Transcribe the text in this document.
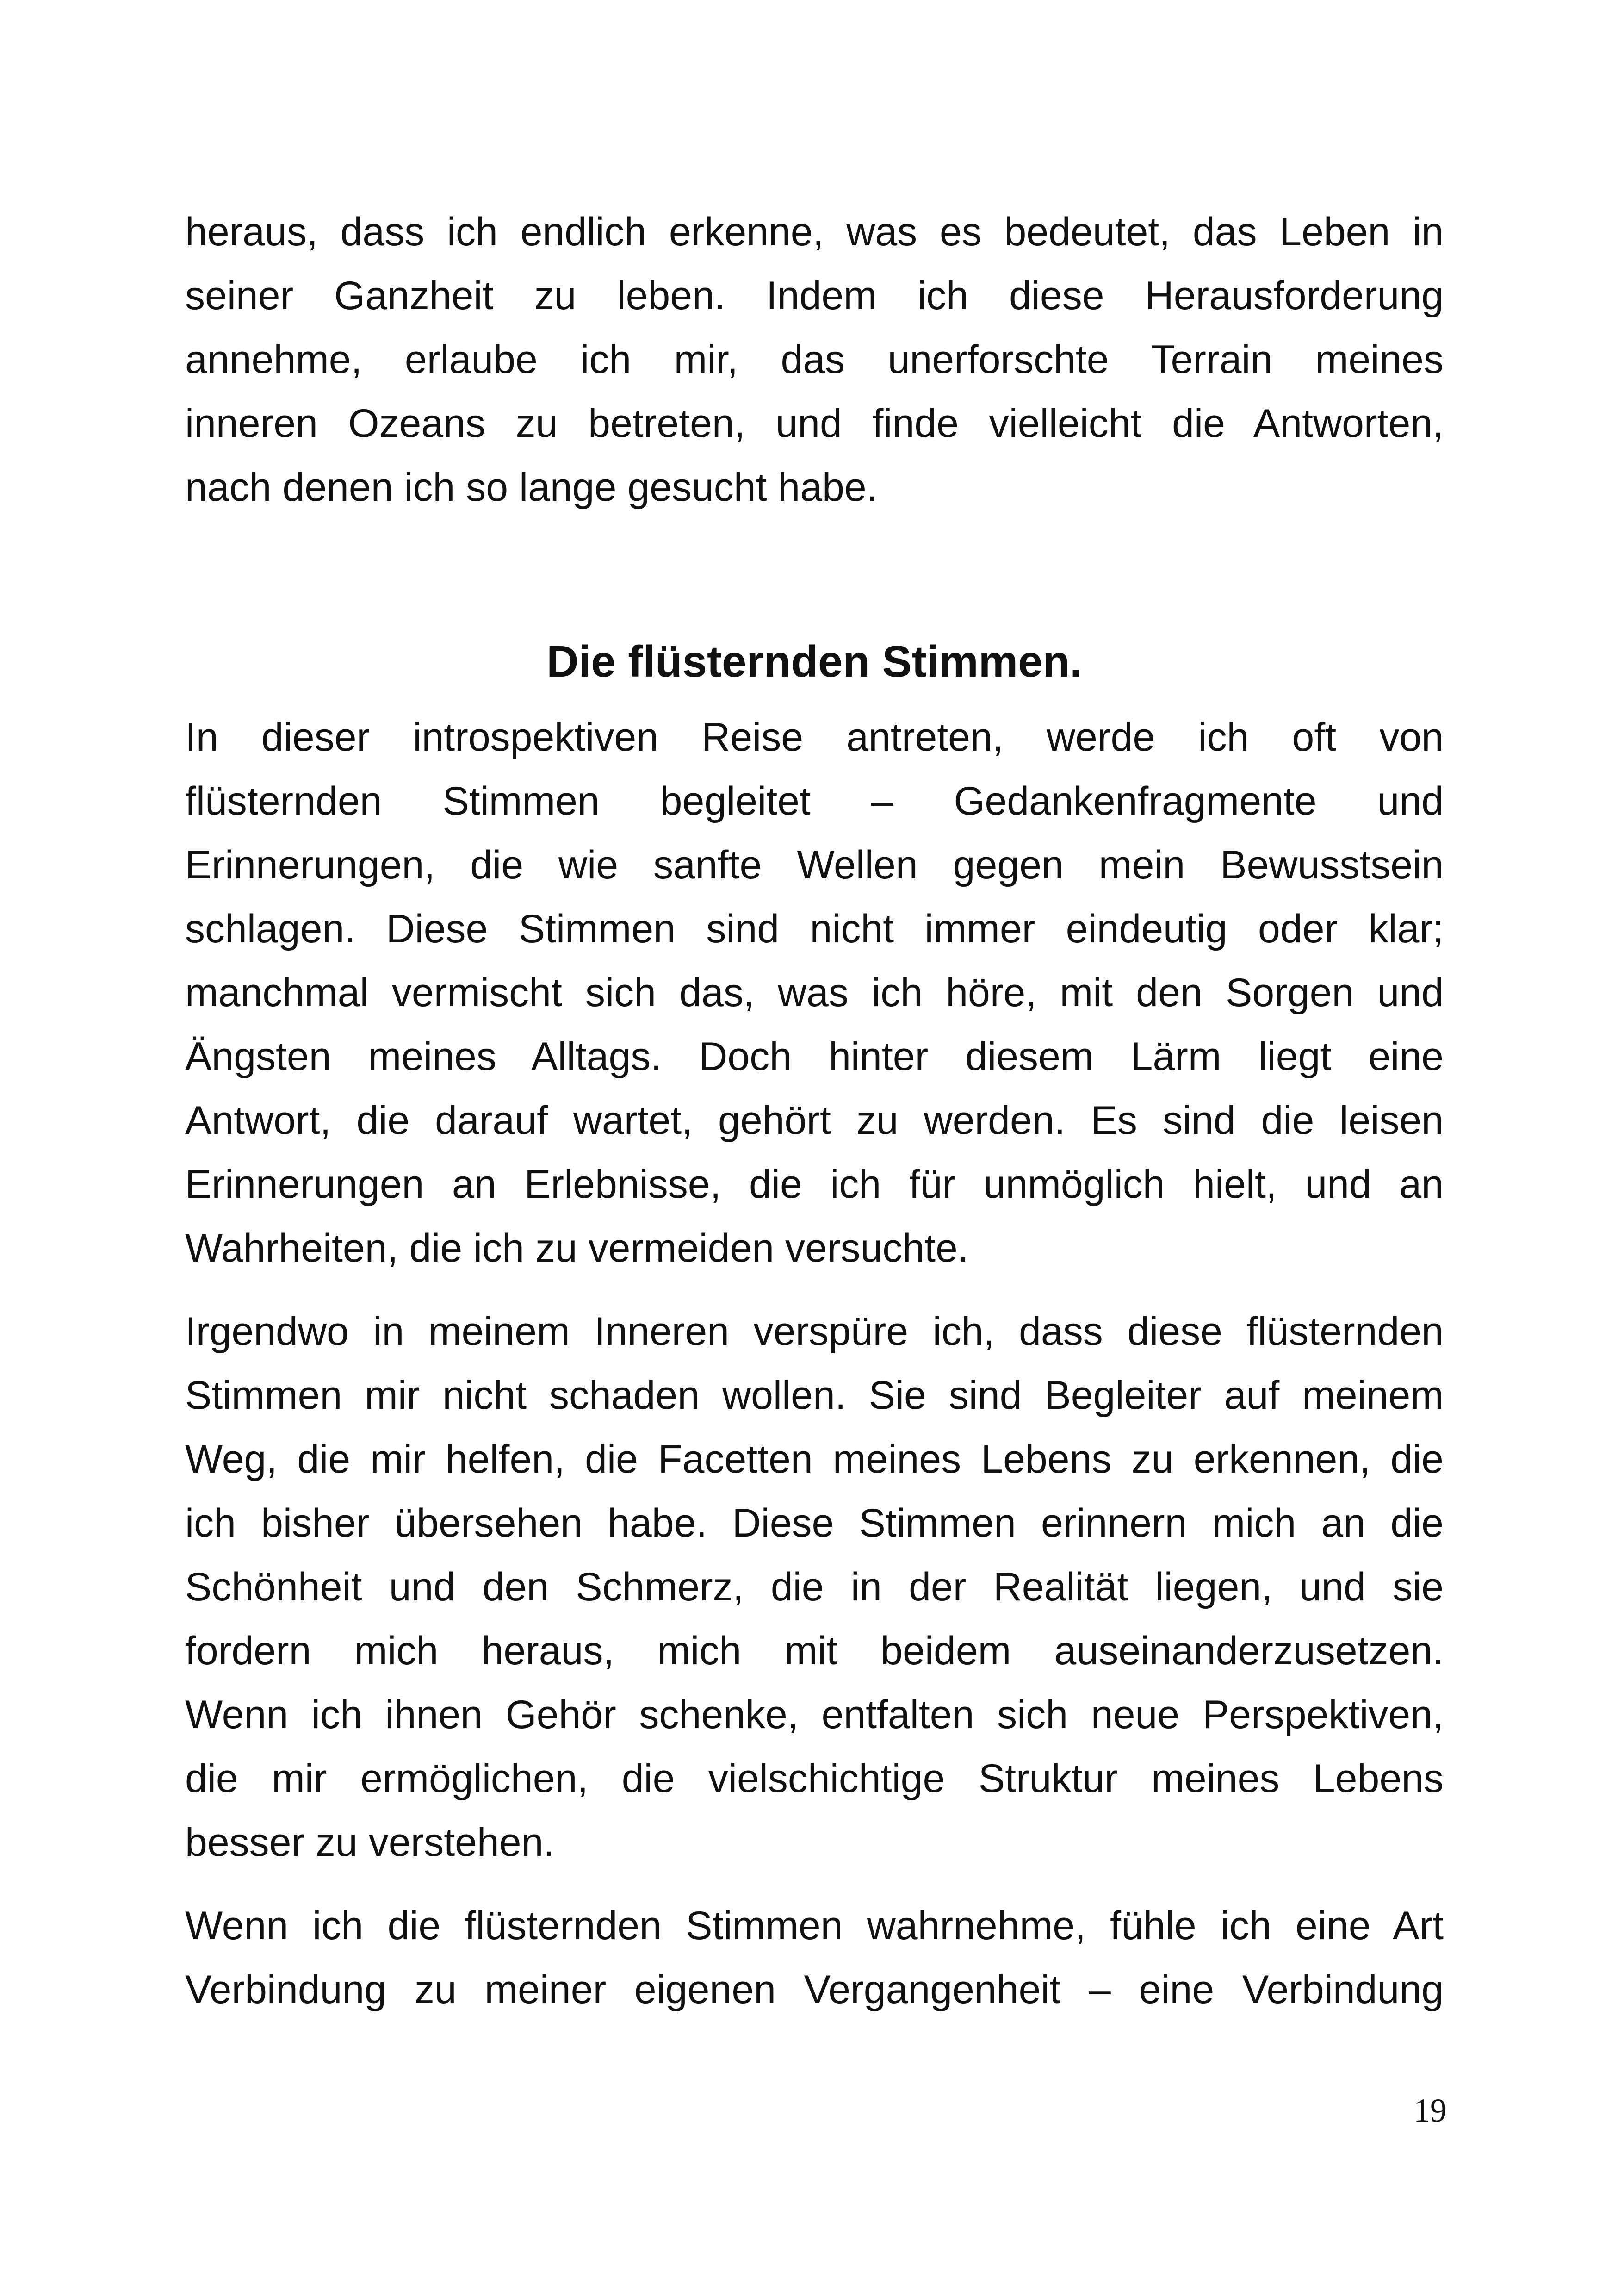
heraus, dass ich endlich erkenne, was es bedeutet, das Leben in
seiner Ganzheit zu leben. Indem ich diese Herausforderung
annehme, erlaube ich mir, das unerforschte Terrain meines
inneren Ozeans zu betreten, und finde vielleicht die Antworten,
nach denen ich so lange gesucht habe.
Die flüsternden Stimmen.
In dieser introspektiven Reise antreten, werde ich oft von
flüsternden Stimmen begleitet – Gedankenfragmente und
Erinnerungen, die wie sanfte Wellen gegen mein Bewusstsein
schlagen. Diese Stimmen sind nicht immer eindeutig oder klar;
manchmal vermischt sich das, was ich höre, mit den Sorgen und
Ängsten meines Alltags. Doch hinter diesem Lärm liegt eine
Antwort, die darauf wartet, gehört zu werden. Es sind die leisen
Erinnerungen an Erlebnisse, die ich für unmöglich hielt, und an
Wahrheiten, die ich zu vermeiden versuchte.
Irgendwo in meinem Inneren verspüre ich, dass diese flüsternden
Stimmen mir nicht schaden wollen. Sie sind Begleiter auf meinem
Weg, die mir helfen, die Facetten meines Lebens zu erkennen, die
ich bisher übersehen habe. Diese Stimmen erinnern mich an die
Schönheit und den Schmerz, die in der Realität liegen, und sie
fordern mich heraus, mich mit beidem auseinanderzusetzen.
Wenn ich ihnen Gehör schenke, entfalten sich neue Perspektiven,
die mir ermöglichen, die vielschichtige Struktur meines Lebens
besser zu verstehen.
Wenn ich die flüsternden Stimmen wahrnehme, fühle ich eine Art
Verbindung zu meiner eigenen Vergangenheit – eine Verbindung
19
